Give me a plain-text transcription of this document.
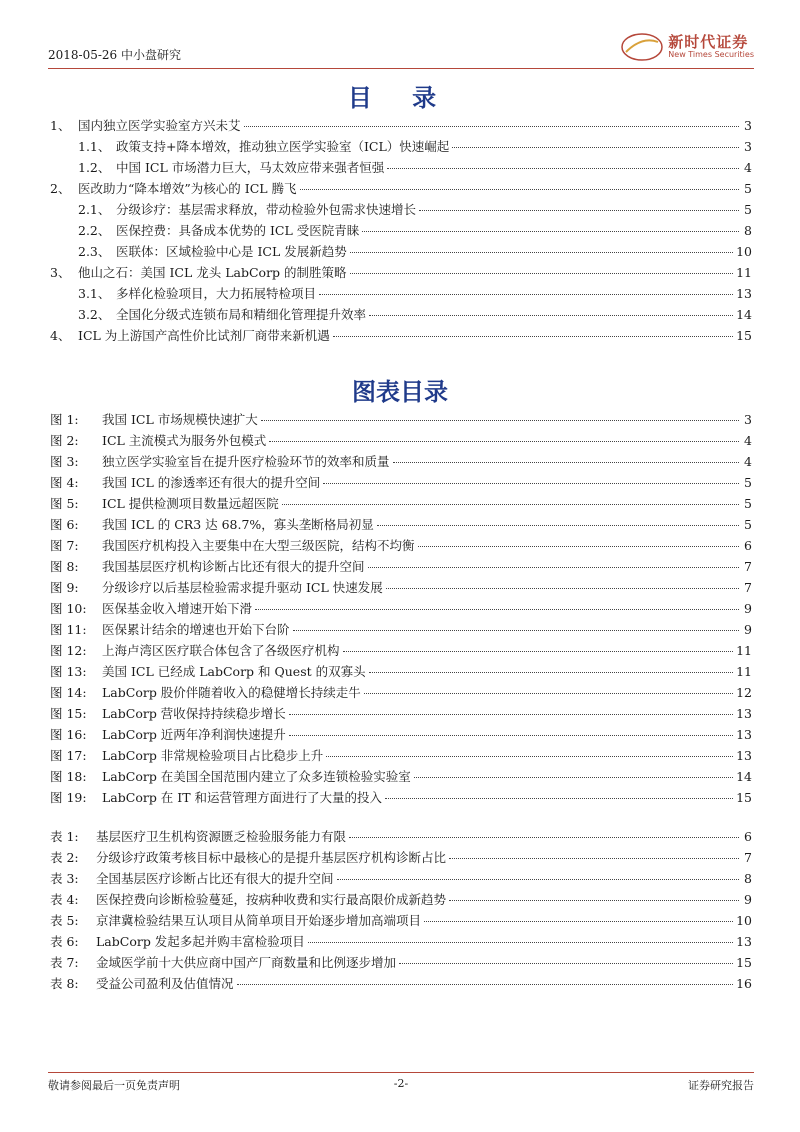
2018-05-26 中小盘研究
新时代证券
New Times Securities
目 录
1、 国内独立医学实验室方兴未艾	3
1.1、 政策支持+降本增效，推动独立医学实验室（ICL）快速崛起	3
1.2、 中国 ICL 市场潜力巨大，马太效应带来强者恒强	4
2、 医改助力“降本增效”为核心的 ICL 腾飞	5
2.1、 分级诊疗：基层需求释放，带动检验外包需求快速增长	5
2.2、 医保控费：具备成本优势的 ICL 受医院青睐	8
2.3、 医联体：区域检验中心是 ICL 发展新趋势	10
3、 他山之石：美国 ICL 龙头 LabCorp 的制胜策略	11
3.1、 多样化检验项目，大力拓展特检项目	13
3.2、 全国化分级式连锁布局和精细化管理提升效率	14
4、 ICL 为上游国产高性价比试剂厂商带来新机遇	15
图表目录
图 1:	我国 ICL 市场规模快速扩大	3
图 2:	ICL 主流模式为服务外包模式	4
图 3:	独立医学实验室旨在提升医疗检验环节的效率和质量	4
图 4:	我国 ICL 的渗透率还有很大的提升空间	5
图 5:	ICL 提供检测项目数量远超医院	5
图 6:	我国 ICL 的 CR3 达 68.7%，寡头垄断格局初显	5
图 7:	我国医疗机构投入主要集中在大型三级医院，结构不均衡	6
图 8:	我国基层医疗机构诊断占比还有很大的提升空间	7
图 9:	分级诊疗以后基层检验需求提升驱动 ICL 快速发展	7
图 10:	医保基金收入增速开始下滑	9
图 11:	医保累计结余的增速也开始下台阶	9
图 12:	上海卢湾区医疗联合体包含了各级医疗机构	11
图 13:	美国 ICL 已经成 LabCorp 和 Quest 的双寡头	11
图 14:	LabCorp 股价伴随着收入的稳健增长持续走牛	12
图 15:	LabCorp 营收保持持续稳步增长	13
图 16:	LabCorp 近两年净利润快速提升	13
图 17:	LabCorp 非常规检验项目占比稳步上升	13
图 18:	LabCorp 在美国全国范围内建立了众多连锁检验实验室	14
图 19:	LabCorp 在 IT 和运营管理方面进行了大量的投入	15
表 1:	基层医疗卫生机构资源匮乏检验服务能力有限	6
表 2:	分级诊疗政策考核目标中最核心的是提升基层医疗机构诊断占比	7
表 3:	全国基层医疗诊断占比还有很大的提升空间	8
表 4:	医保控费向诊断检验蔓延，按病种收费和实行最高限价成新趋势	9
表 5:	京津冀检验结果互认项目从简单项目开始逐步增加高端项目	10
表 6:	LabCorp 发起多起并购丰富检验项目	13
表 7:	金域医学前十大供应商中国产厂商数量和比例逐步增加	15
表 8:	受益公司盈利及估值情况	16
敬请参阅最后一页免责声明	-2-	证券研究报告
